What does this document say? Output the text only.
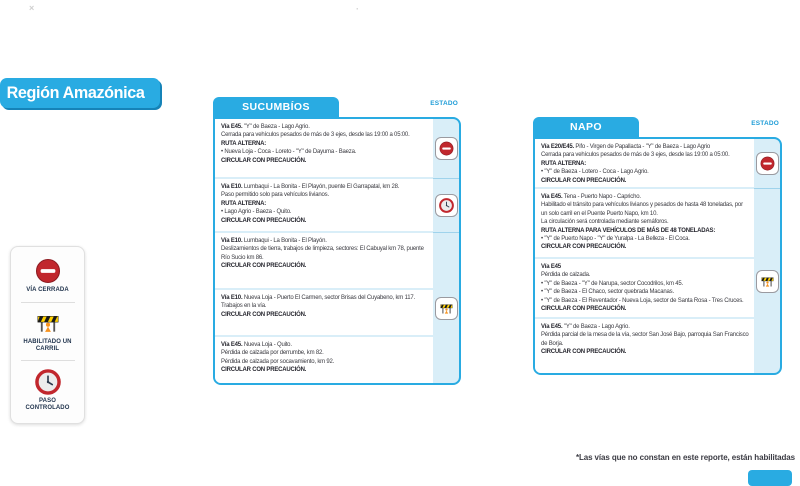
×	·
Región Amazónica
VÍA CERRADA
HABILITADO UN CARRIL
PASO CONTROLADO
SUCUMBÍOS	ESTADO
Vía E45. "Y" de Baeza - Lago Agrio.
Cerrada para vehículos pesados de más de 3 ejes, desde las 19:00 a 05:00.
RUTA ALTERNA:
• Nueva Loja - Coca - Loreto - "Y" de Dayuma - Baeza.
CIRCULAR CON PRECAUCIÓN.
Vía E10. Lumbaqui - La Bonita - El Playón, puente El Garrapatal, km 28.
Paso permitido solo para vehículos livianos.
RUTA ALTERNA:
• Lago Agrio - Baeza - Quito.
CIRCULAR CON PRECAUCIÓN.
Vía E10. Lumbaqui - La Bonita - El Playón.
Deslizamientos de tierra, trabajos de limpieza, sectores: El Cabuyal km 78, puente Río Sucio km 86.
CIRCULAR CON PRECAUCIÓN.
Vía E10. Nueva Loja - Puerto El Carmen, sector Brisas del Cuyabeno, km 117.
Trabajos en la vía.
CIRCULAR CON PRECAUCIÓN.
Vía E45. Nueva Loja - Quito.
Pérdida de calzada por derrumbe, km 82.
Pérdida de calzada por socavamiento, km 92.
CIRCULAR CON PRECAUCIÓN.
NAPO	ESTADO
Vía E20/E45. Pifo - Virgen de Papallacta - "Y" de Baeza - Lago Agrio
Cerrada para vehículos pesados de más de 3 ejes, desde las 19:00 a 05:00.
RUTA ALTERNA:
• "Y" de Baeza - Lotero - Coca - Lago Agrio.
CIRCULAR CON PRECAUCIÓN.
Vía E45. Tena - Puerto Napo - Capricho.
Habilitado el tránsito para vehículos livianos y pesados de hasta 48 toneladas, por un solo carril en el Puente Puerto Napo, km 10.
La circulación será controlada mediante semáforos.
RUTA ALTERNA PARA VEHÍCULOS DE MÁS DE 48 TONELADAS:
• "Y" de Puerto Napo - "Y" de Yuralpa - La Belleza - El Coca.
CIRCULAR CON PRECAUCIÓN.
Vía E45
Pérdida de calzada.
• "Y" de Baeza - "Y" de Narupa, sector Cocodrilos, km 45.
• "Y" de Baeza - El Chaco, sector quebrada Macanas.
• "Y" de Baeza - El Reventador - Nueva Loja, sector de Santa Rosa - Tres Cruces.
CIRCULAR CON PRECAUCIÓN.
Vía E45. "Y" de Baeza - Lago Agrio.
Pérdida parcial de la mesa de la vía, sector San José Bajo, parroquia San Francisco de Borja.
CIRCULAR CON PRECAUCIÓN.
*Las vías que no constan en este reporte, están habilitadas
